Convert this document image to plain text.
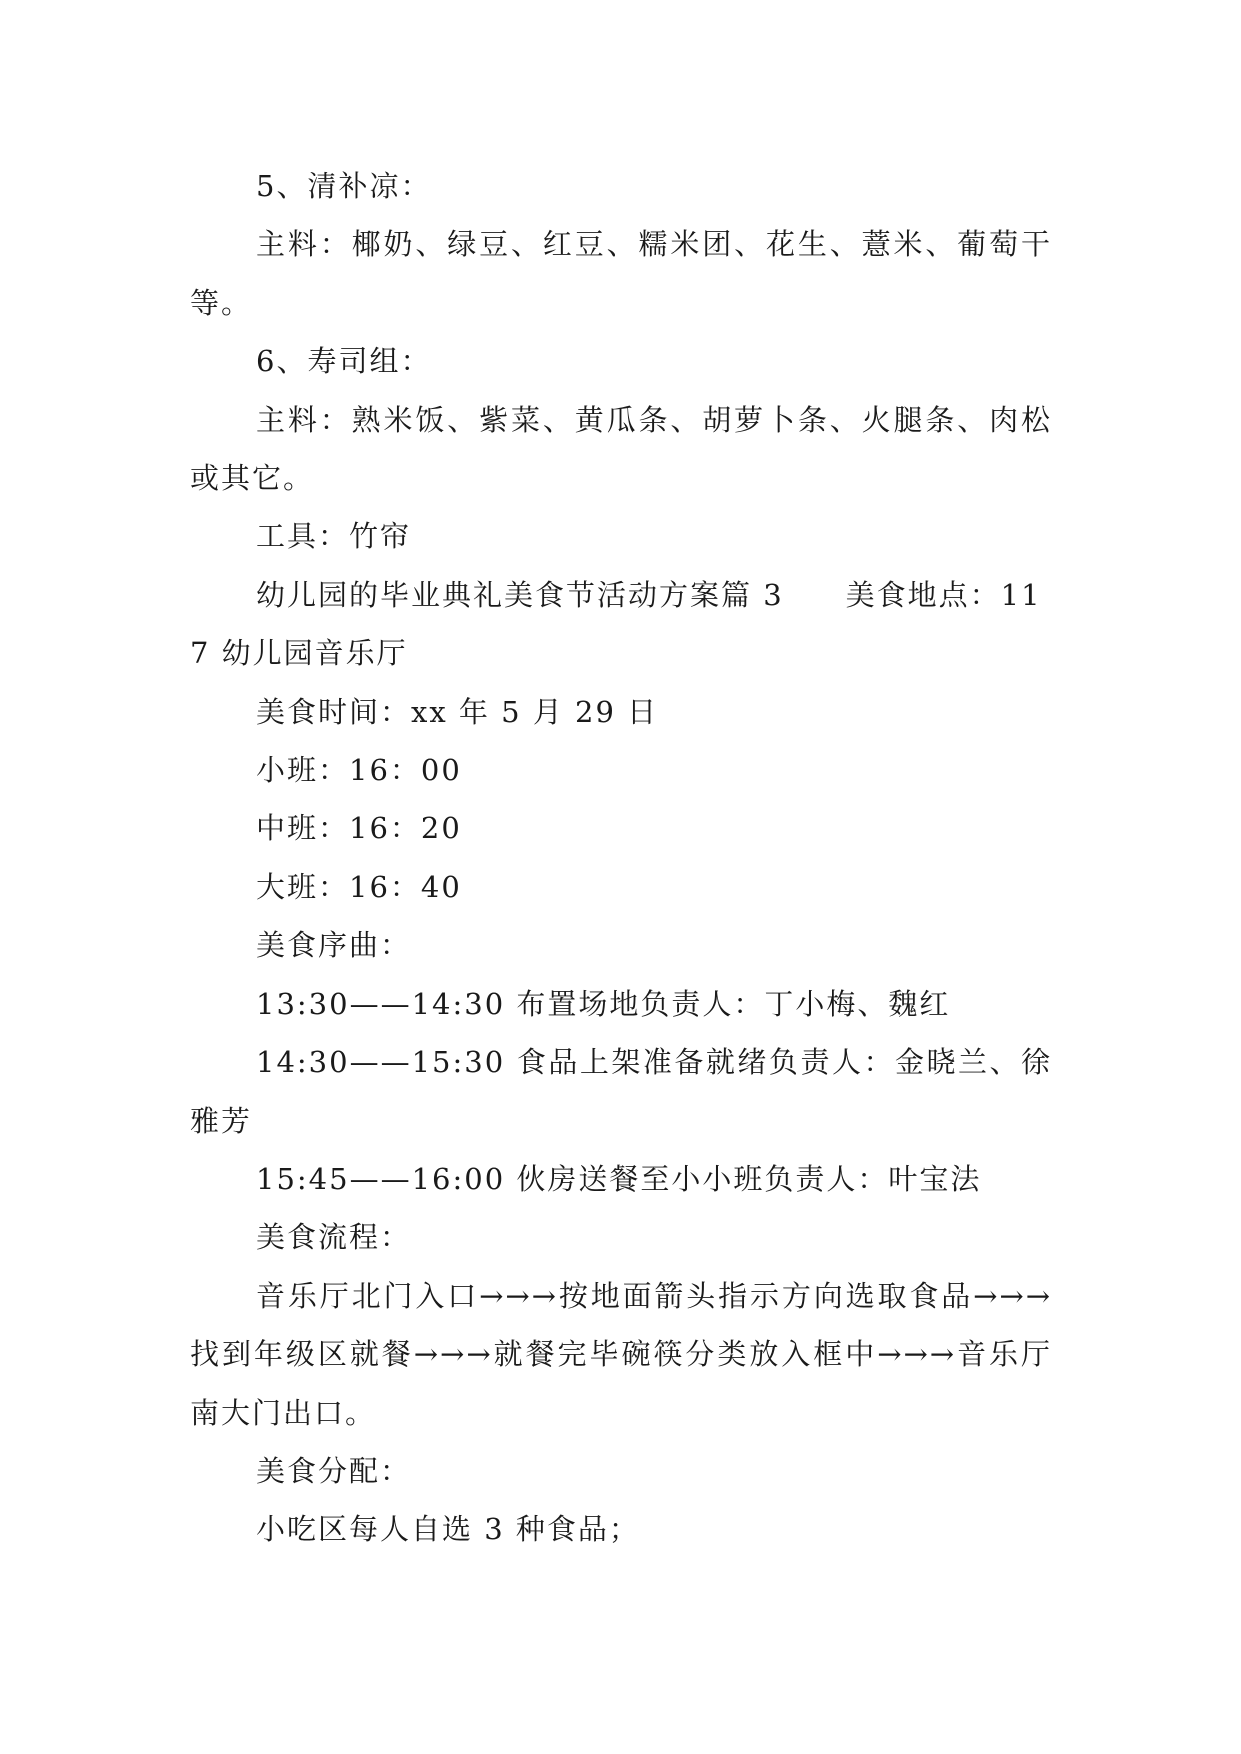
5、清补凉：

主料：椰奶、绿豆、红豆、糯米团、花生、薏米、葡萄干等。

6、寿司组：

主料：熟米饭、紫菜、黄瓜条、胡萝卜条、火腿条、肉松或其它。

工具：竹帘

幼儿园的毕业典礼美食节活动方案篇 3 美食地点：117 幼儿园音乐厅

美食时间：xx 年 5 月 29 日

小班：16：00

中班：16：20

大班：16：40

美食序曲：

13:30——14:30 布置场地负责人：丁小梅、魏红

14:30——15:30 食品上架准备就绪负责人：金晓兰、徐雅芳

15:45——16:00 伙房送餐至小小班负责人：叶宝法

美食流程：

音乐厅北门入口→→→按地面箭头指示方向选取食品→→→找到年级区就餐→→→就餐完毕碗筷分类放入框中→→→音乐厅南大门出口。

美食分配：

小吃区每人自选 3 种食品；
